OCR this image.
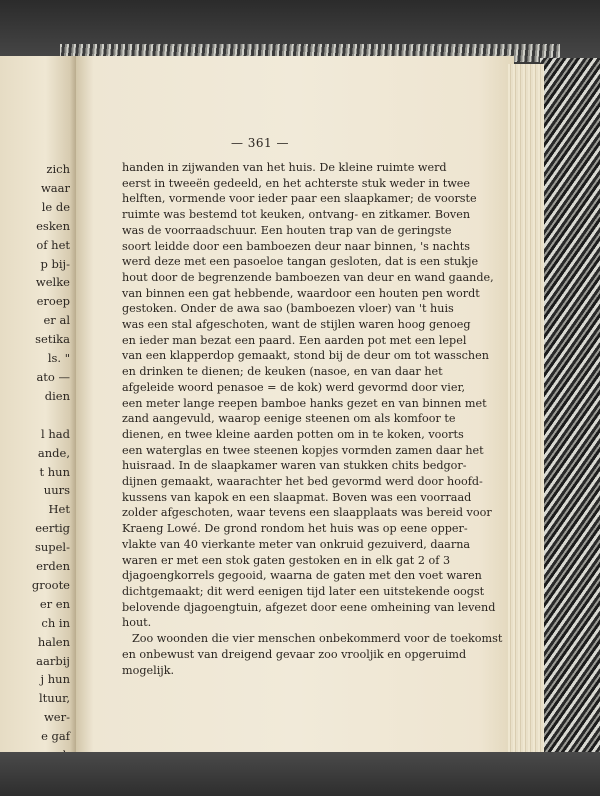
zich
waar
le de
esken
of het
p bij-
welke
eroep
er al
setika
ls. "
ato —
dien

l had
ande,
t hun
uurs
Het
eertig
supel-
erden
groote
er en
ch in
halen
aarbij
j hun
ltuur,
wer-
e gaf
— 361 —
handen in zijwanden van het huis. De kleine ruimte werd
eerst in tweeën gedeeld, en het achterste stuk weder in twee
helften, vormende voor ieder paar een slaapkamer; de voorste
ruimte was bestemd tot keuken, ontvang- en zitkamer. Boven
was de voorraadschuur. Een houten trap van de geringste
soort leidde door een bamboezen deur naar binnen, 's nachts
werd deze met een pasoeloe tangan gesloten, dat is een stukje
hout door de begrenzende bamboezen van deur en wand gaande,
van binnen een gat hebbende, waardoor een houten pen wordt
gestoken. Onder de awa sao (bamboezen vloer) van 't huis
was een stal afgeschoten, want de stijlen waren hoog genoeg
en ieder man bezat een paard. Een aarden pot met een lepel
van een klapperdop gemaakt, stond bij de deur om tot wasschen
en drinken te dienen; de keuken (nasoe, en van daar het
afgeleide woord penasoe = de kok) werd gevormd door vier,
een meter lange reepen bamboe hanks gezet en van binnen met
zand aangevuld, waarop eenige steenen om als komfoor te
dienen, en twee kleine aarden potten om in te koken, voorts
een waterglas en twee steenen kopjes vormden zamen daar het
huisraad. In de slaapkamer waren van stukken chits bedgor-
dijnen gemaakt, waarachter het bed gevormd werd door hoofd-
kussens van kapok en een slaapmat. Boven was een voorraad
zolder afgeschoten, waar tevens een slaapplaats was bereid voor
Kraeng Lowé. De grond rondom het huis was op eene opper-
vlakte van 40 vierkante meter van onkruid gezuiverd, daarna
waren er met een stok gaten gestoken en in elk gat 2 of 3
djagoengkorrels gegooid, waarna de gaten met den voet waren
dichtgemaakt; dit werd eenigen tijd later een uitstekende oogst
belovende djagoengtuin, afgezet door eene omheining van levend
hout.
Zoo woonden die vier menschen onbekommerd voor de toekomst
en onbewust van dreigend gevaar zoo vrooljik en opgeruimd
mogelijk.
